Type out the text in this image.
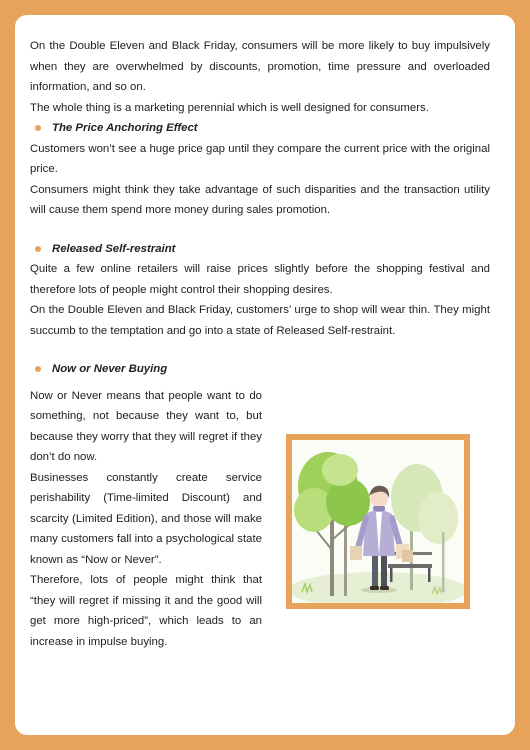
On the Double Eleven and Black Friday, consumers will be more likely to buy impulsively when they are overwhelmed by discounts, promotion, time pressure and overloaded information, and so on.

The whole thing is a marketing perennial which is well designed for consumers.

The Price Anchoring Effect

Customers won’t see a huge price gap until they compare the current price with the original price.

Consumers might think they take advantage of such disparities and the transaction utility will cause them spend more money during sales promotion.

Released Self-restraint

Quite a few online retailers will raise prices slightly before the shopping festival and therefore lots of people might control their shopping desires.

On the Double Eleven and Black Friday, customers’ urge to shop will wear thin. They might succumb to the temptation and go into a state of Released Self-restraint.

Now or Never Buying

Now or Never means that people want to do something, not because they want to, but because they worry that they will regret if they don’t do now.

Businesses constantly create service perishability (Time-limited Discount) and scarcity (Limited Edition), and those will make many customers fall into a psychological state known as “Now or Never”.

Therefore, lots of people might think that “they will regret if missing it and the good will get more high-priced”, which leads to an increase in impulse buying.
